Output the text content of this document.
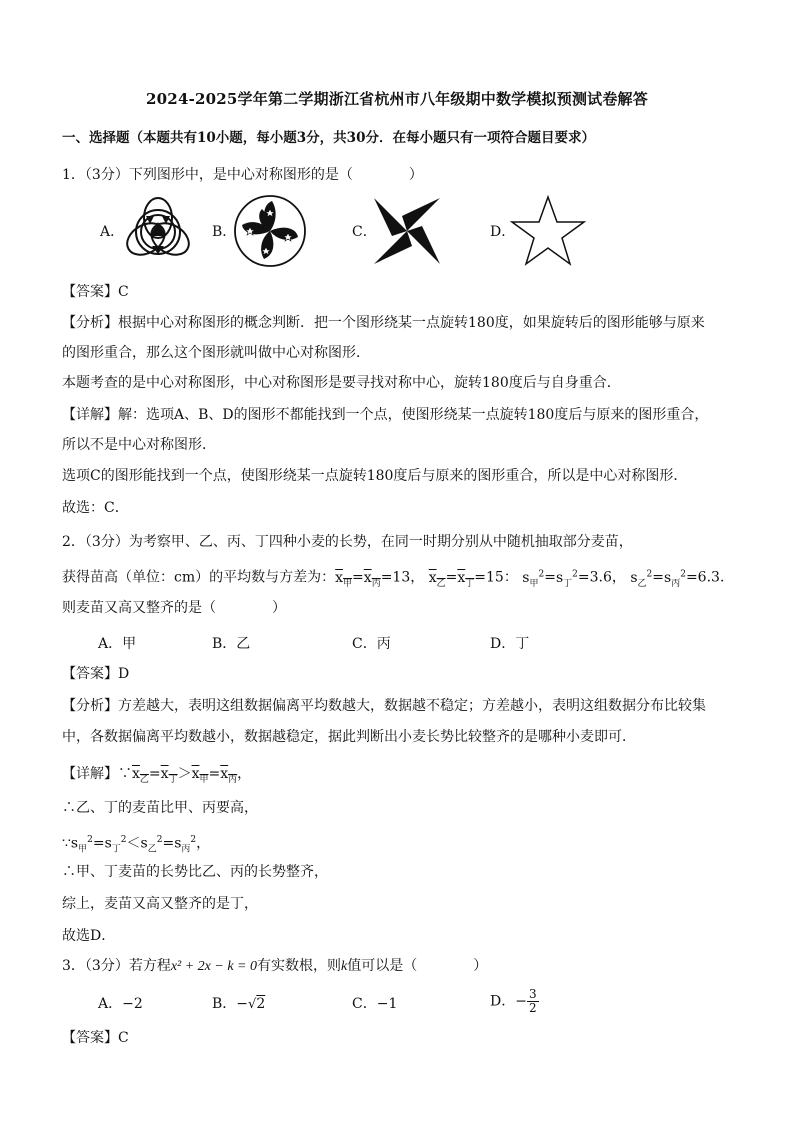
2024-2025学年第二学期浙江省杭州市八年级期中数学模拟预测试卷解答
一、选择题（本题共有10小题，每小题3分，共30分．在每小题只有一项符合题目要求）
1．（3分）下列图形中，是中心对称图形的是（　　　　）
A．	B．	C．	D．
【答案】C
【分析】根据中心对称图形的概念判断．把一个图形绕某一点旋转180度，如果旋转后的图形能够与原来
的图形重合，那么这个图形就叫做中心对称图形．
本题考查的是中心对称图形，中心对称图形是要寻找对称中心，旋转180度后与自身重合．
【详解】解：选项A、B、D的图形不都能找到一个点，使图形绕某一点旋转180度后与原来的图形重合，
所以不是中心对称图形．
选项C的图形能找到一个点，使图形绕某一点旋转180度后与原来的图形重合，所以是中心对称图形．
故选：C．
2．（3分）为考察甲、乙、丙、丁四种小麦的长势，在同一时期分别从中随机抽取部分麦苗，
获得苗高（单位：cm）的平均数与方差为：$x_甲=x_丙=13$， $x_乙=x_丁=15$： $s_甲^2=s_丁^2=3.6$， $s_乙^2=s_丙^2=6.3$．
则麦苗又高又整齐的是（　　　　）
A．甲	B．乙	C．丙	D．丁
【答案】D
【分析】方差越大，表明这组数据偏离平均数越大，数据越不稳定；方差越小，表明这组数据分布比较集
中，各数据偏离平均数越小，数据越稳定，据此判断出小麦长势比较整齐的是哪种小麦即可．
【详解】$\because x_乙=x_丁>x_甲=x_丙$，
∴乙、丁的麦苗比甲、丙要高，
$\because s_甲^2=s_丁^2<s_乙^2=s_丙^2$，
∴甲、丁麦苗的长势比乙、丙的长势整齐，
综上，麦苗又高又整齐的是丁，
故选D．
3．（3分）若方程x² + 2x − k = 0有实数根，则k值可以是（　　　　）
A．−2	B．−√2	C．−1	D．− $\frac{3}{2}$
【答案】C
